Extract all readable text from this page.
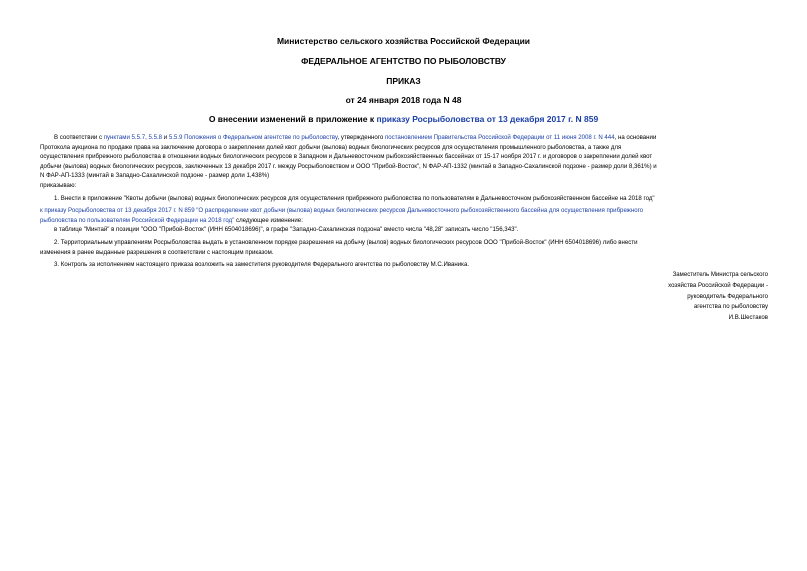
Министерство сельского хозяйства Российской Федерации
ФЕДЕРАЛЬНОЕ АГЕНТСТВО ПО РЫБОЛОВСТВУ
ПРИКАЗ
от 24 января 2018 года N 48
О внесении изменений в приложение к приказу Росрыболовства от 13 декабря 2017 г. N 859

В соответствии с пунктами 5.5.7, 5.5.8 и 5.5.9 Положения о Федеральном агентстве по рыболовству, утвержденного постановлением Правительства Российской Федерации от 11 июня 2008 г. N 444, на основании

Протокола аукциона по продаже права на заключение договора о закреплении долей квот добычи (вылова) водных биологических ресурсов для осуществления промышленного рыболовства, а также для

осуществления прибрежного рыболовства в отношении водных биологических ресурсов в Западном и Дальневосточном рыбохозяйственных бассейнах от 15-17 ноября 2017 г. и договоров о закреплении долей квот

добычи (вылова) водных биологических ресурсов, заключенных 13 декабря 2017 г. между Росрыболовством и ООО "Прибой-Восток", N ФАР-АП-1332 (минтай в Западно-Сахалинской подзоне - размер доли 8,361%) и

N ФАР-АП-1333 (минтай в Западно-Сахалинской подзоне - размер доли 1,438%)

приказываю:

1. Внести в приложение "Квоты добычи (вылова) водных биологических ресурсов для осуществления прибрежного рыболовства по пользователям в Дальневосточном рыбохозяйственном бассейне на 2018 год"

к приказу Росрыболовства от 13 декабря 2017 г. N 859 "О распределении квот добычи (вылова) водных биологических ресурсов Дальневосточного рыбохозяйственного бассейна для осуществления прибрежного

рыболовства по пользователям Российской Федерации на 2018 год" следующее изменение:

в таблице "Минтай" в позиции "ООО "Прибой-Восток" (ИНН 6504018696)", в графе "Западно-Сахалинская подзона" вместо числа "48,28" записать число "156,343".

2. Территориальным управлениям Росрыболовства выдать в установленном порядке разрешения на добычу (вылов) водных биологических ресурсов ООО "Прибой-Восток" (ИНН 6504018696) либо внести

изменения в ранее выданные разрешения в соответствии с настоящим приказом.

3. Контроль за исполнением настоящего приказа возложить на заместителя руководителя Федерального агентства по рыболовству М.С.Иваника.

Заместитель Министра сельского
хозяйства Российской Федерации -
руководитель Федерального
агентства по рыболовству
И.В.Шестаков
